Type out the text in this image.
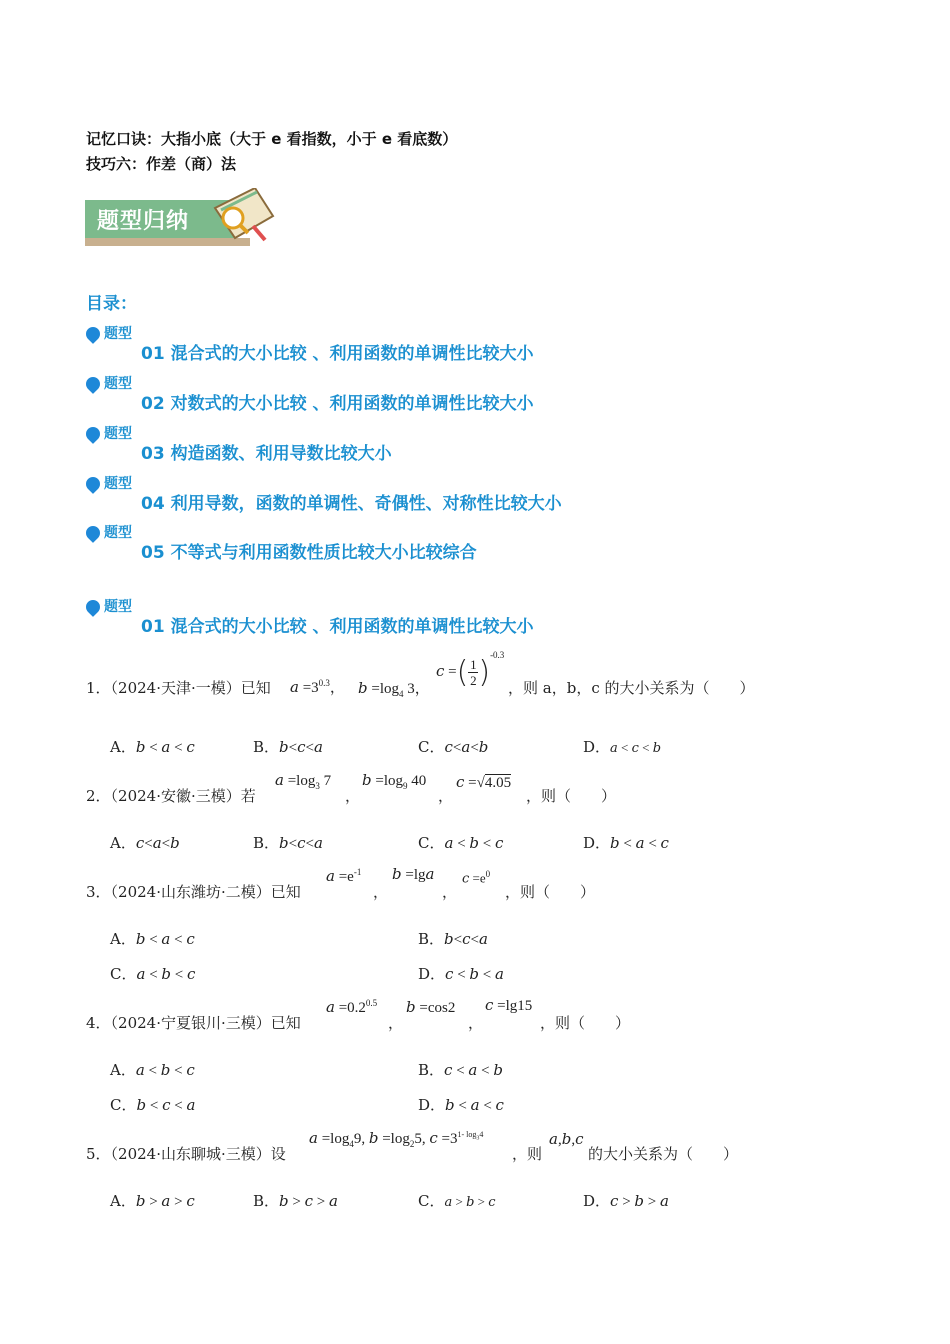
记忆口诀：大指小底（大于 e 看指数，小于 e 看底数）
技巧六：作差（商）法
题型归纳
目录：
题型
01 混合式的大小比较 、利用函数的单调性比较大小
题型
02 对数式的大小比较 、利用函数的单调性比较大小
题型
03 构造函数、利用导数比较大小
题型
04 利用导数，函数的单调性、奇偶性、对称性比较大小
题型
05 不等式与利用函数性质比较大小比较综合
题型
01 混合式的大小比较 、利用函数的单调性比较大小
1．（2024·天津·一模）已知 $a =3^{0.3}$， $b =\log_4$ 3，
c =( $\frac{1}{2} )^{-0.3}$
，则 a，b，c 的大小关系为（　　）
A．b < a < c	B．b<c<a	C．c<a<b	D．a < c < b
2．（2024·安徽·三模）若
$a =\log_3$ 7
，
$b =\log_9$ 40
，
c =√4.05
，则（　　）
A．c<a<b	B．b<c<a	C．a < b < c	D．b < a < c
3．（2024·山东潍坊·二模）已知
$a =e^{-1}$
，
b =lga
，
$c =e^0$
，则（　　）
A．b < a < c	B．b<c<a
C．a < b < c	D．c < b < a
4．（2024·宁夏银川·三模）已知
$a =0.2^{0.5}$
，
b =cos2
，
c =lg15
，则（　　）
A．a < b < c	B．c < a < b
C．b < c < a	D．b < a < c
5．（2024·山东聊城·三模）设
$a =\log_49$, $b =\log_25$, $c =3^{1- log_34}$
，则
a,b,c
的大小关系为（　　）
A．b > a > c	B．b > c > a	C．a > b > c	D．c > b > a
